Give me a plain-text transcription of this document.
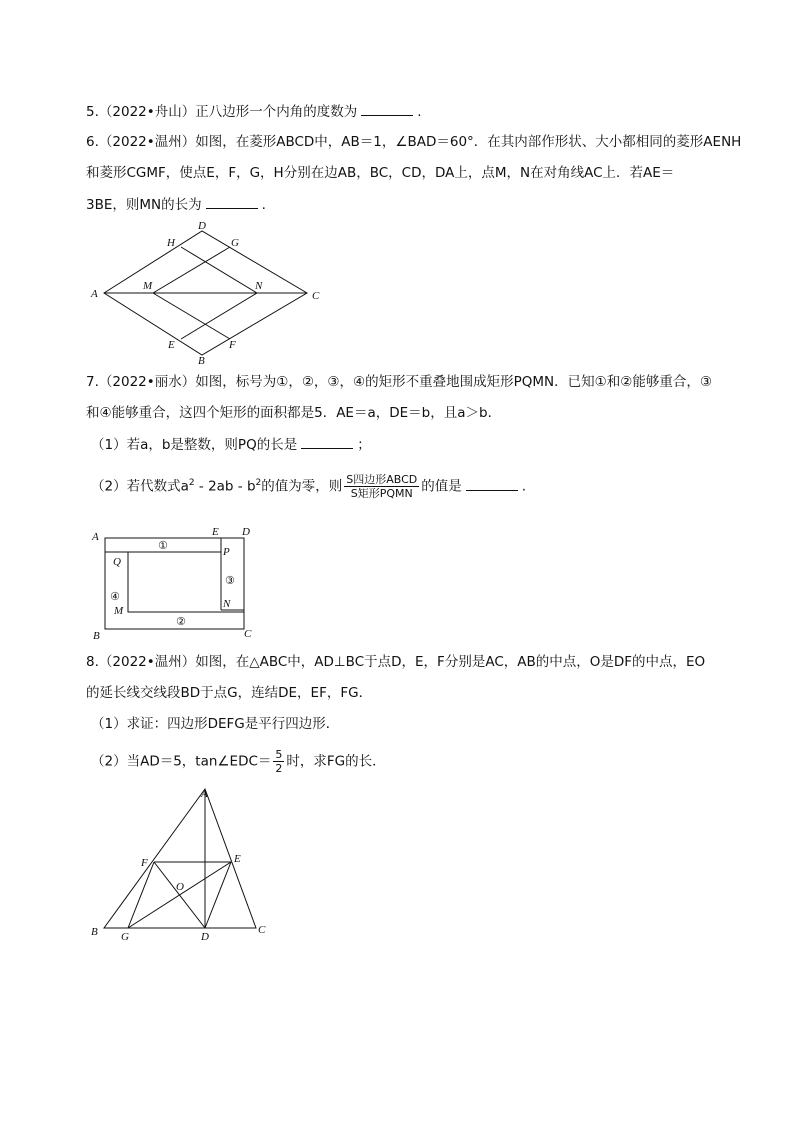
5.（2022•舟山）正八边形一个内角的度数为	.
6.（2022•温州）如图，在菱形ABCD中，AB＝1，∠BAD＝60°．在其内部作形状、大小都相同的菱形AENH
和菱形CGMF，使点E，F，G，H分别在边AB，BC，CD，DA上，点M，N在对角线AC上．若AE＝
3BE，则MN的长为	.
A	C
D
B
H	G
E	F
M	N
A	E D
B	C
P
Q
M
N
①
②
③
④
A
B	C
D
E
F
G
O
7.（2022•丽水）如图，标号为①，②，③，④的矩形不重叠地围成矩形PQMN．已知①和②能够重合，③
和④能够重合，这四个矩形的面积都是5．AE＝a，DE＝b，且a＞b．
（1）若a，b是整数，则PQ的长是	；
（2）若代数式$a^2 - 2ab - b^2$的值为零，则 $\frac{\text{S四边形ABCD}}{\text{S矩形PQMN}}$ 的值是	.
8.（2022•温州）如图，在△ABC中，AD⊥BC于点D，E，F分别是AC，AB的中点，O是DF的中点，EO
的延长线交线段BD于点G，连结DE，EF，FG．
（1）求证：四边形DEFG是平行四边形．
（2）当AD＝5，tan∠EDC＝ $\frac{5}{2}$ 时，求FG的长．
